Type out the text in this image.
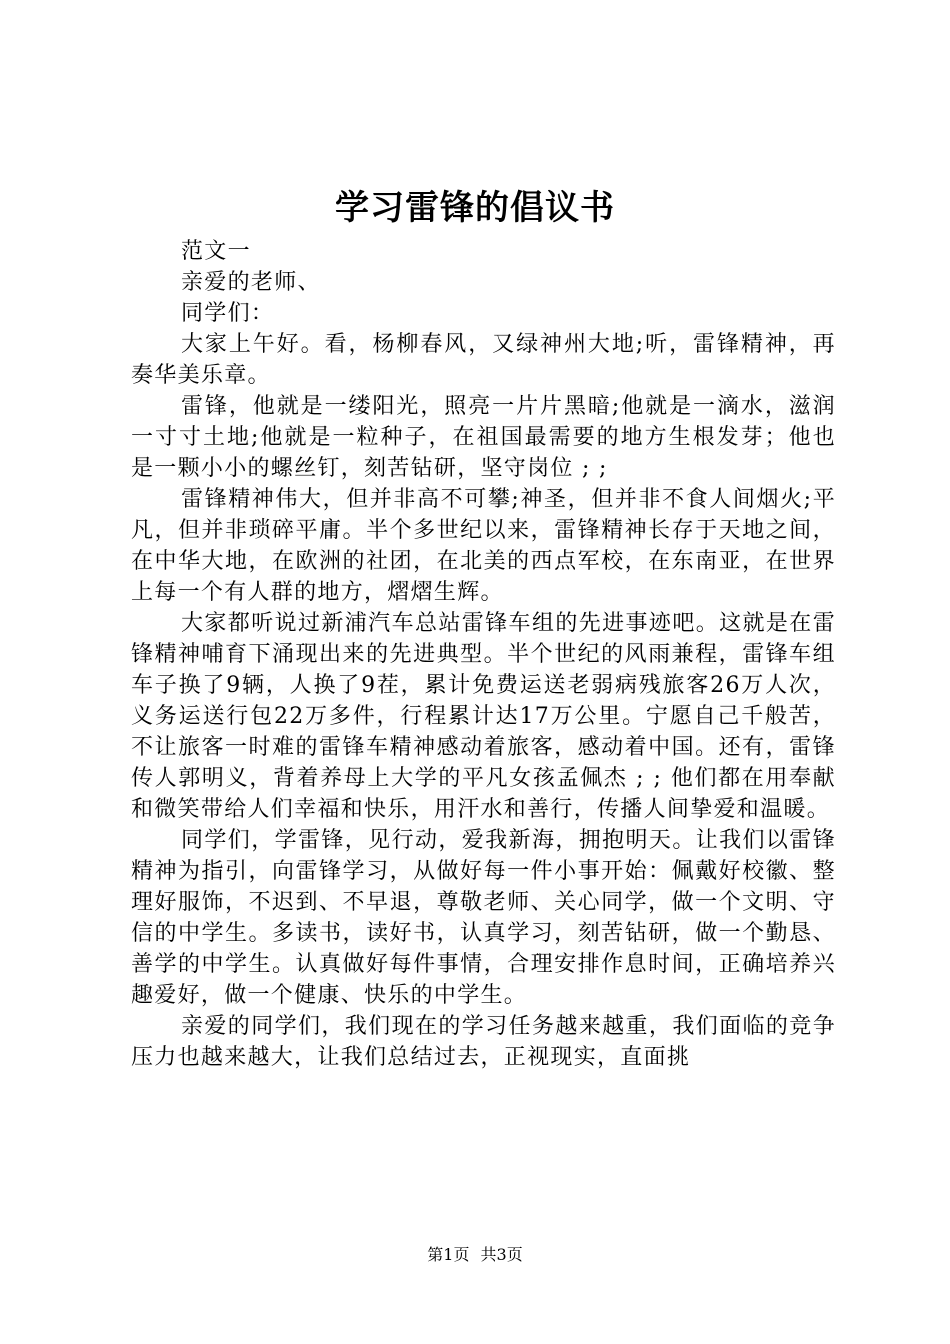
学习雷锋的倡议书

范文一

亲爱的老师、

同学们：

大家上午好。看，杨柳春风，又绿神州大地;听，雷锋精神，再奏华美乐章。

雷锋，他就是一缕阳光，照亮一片片黑暗;他就是一滴水，滋润一寸寸土地;他就是一粒种子，在祖国最需要的地方生根发芽；他也是一颗小小的螺丝钉，刻苦钻研，坚守岗位 ; ;

雷锋精神伟大，但并非高不可攀;神圣，但并非不食人间烟火;平凡，但并非琐碎平庸。半个多世纪以来，雷锋精神长存于天地之间，在中华大地，在欧洲的社团，在北美的西点军校，在东南亚，在世界上每一个有人群的地方，熠熠生辉。

大家都听说过新浦汽车总站雷锋车组的先进事迹吧。这就是在雷锋精神哺育下涌现出来的先进典型。半个世纪的风雨兼程，雷锋车组车子换了9辆，人换了9茬，累计免费运送老弱病残旅客26万人次，义务运送行包22万多件，行程累计达17万公里。宁愿自己千般苦，不让旅客一时难的雷锋车精神感动着旅客，感动着中国。还有，雷锋传人郭明义，背着养母上大学的平凡女孩孟佩杰 ; ; 他们都在用奉献和微笑带给人们幸福和快乐，用汗水和善行，传播人间挚爱和温暖。

同学们，学雷锋，见行动，爱我新海，拥抱明天。让我们以雷锋精神为指引，向雷锋学习，从做好每一件小事开始：佩戴好校徽、整理好服饰，不迟到、不早退，尊敬老师、关心同学，做一个文明、守信的中学生。多读书，读好书，认真学习，刻苦钻研，做一个勤恳、善学的中学生。认真做好每件事情，合理安排作息时间，正确培养兴趣爱好，做一个健康、快乐的中学生。

亲爱的同学们，我们现在的学习任务越来越重，我们面临的竞争压力也越来越大，让我们总结过去，正视现实，直面挑

第1页 共3页
